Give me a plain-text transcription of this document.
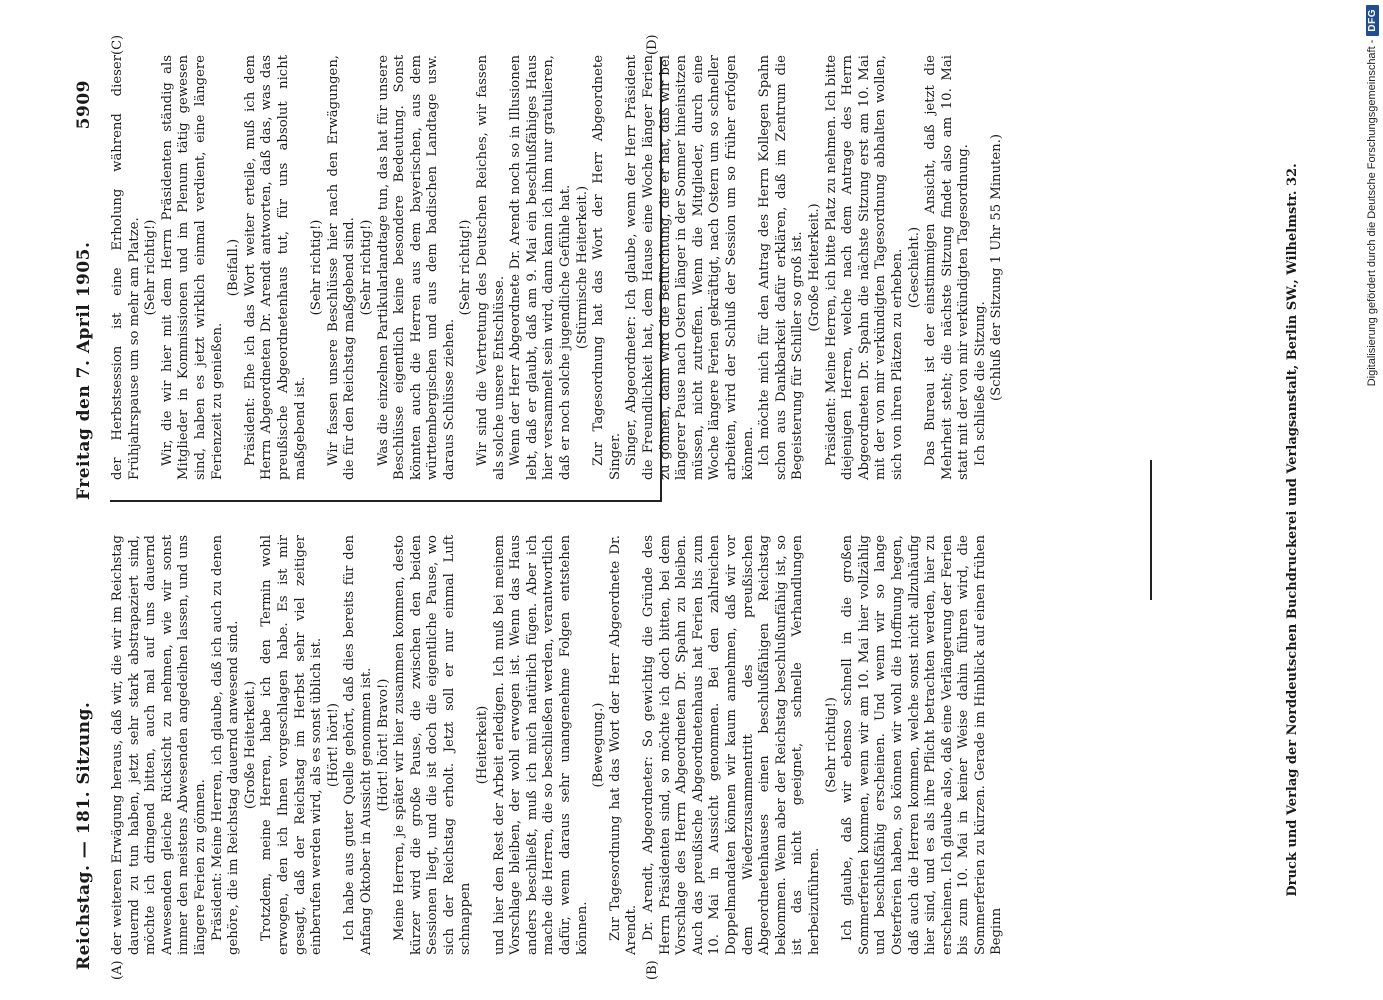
Reichstag. — 181. Sitzung.
Freitag den 7. April 1905.
5909
(A)	(B)
(C)	(D)

der weiteren Erwägung heraus, daß wir, die wir im Reichstag dauernd zu tun haben, jetzt sehr stark abstrapaziert sind, möchte ich dringend bitten, auch mal auf uns dauernd Anwesenden gleiche Rücksicht zu nehmen, wie wir sonst immer den meistens Abwesenden angedeihen lassen, und uns längere Ferien zu gönnen. Präsident: Meine Herren, ich glaube, daß ich auch zu denen gehöre, die im Reichstag dauernd anwesend sind. (Große Heiterkeit.) Trotzdem, meine Herren, habe ich den Termin wohl erwogen, den ich Ihnen vorgeschlagen habe. Es ist mir gesagt, daß der Reichstag im Herbst sehr viel zeitiger einberufen werden wird, als es sonst üblich ist. (Hört! hört!) Ich habe aus guter Quelle gehört, daß dies bereits für den Anfang Oktober in Aussicht genommen ist. (Hört! hört! Bravo!) Meine Herren, je später wir hier zusammen kommen, desto kürzer wird die große Pause, die zwischen den beiden Sessionen liegt, und die ist doch die eigentliche Pause, wo sich der Reichstag erholt. Jetzt soll er nur einmal Luft schnappen

(Heiterkeit) und hier den Rest der Arbeit erledigen. Ich muß bei meinem Vorschlage bleiben, der wohl erwogen ist. Wenn das Haus anders beschließt, muß ich mich natürlich fügen. Aber ich mache die Herren, die so beschließen werden, verantwortlich dafür, wenn daraus sehr unangenehme Folgen entstehen können.

(Bewegung.) Zur Tagesordnung hat das Wort der Herr Abgeordnete Dr. Arendt. Dr. Arendt, Abgeordneter: So gewichtig die Gründe des Herrn Präsidenten sind, so möchte ich doch bitten, bei dem Vorschlage des Herrn Abgeordneten Dr. Spahn zu bleiben. Auch das preußische Abgeordnetenhaus hat Ferien bis zum 10. Mai in Aussicht genommen. Bei den zahlreichen Doppelmandaten können wir kaum annehmen, daß wir vor dem Wiederzusammentritt des preußischen Abgeordnetenhauses einen beschlußfähigen Reichstag bekommen. Wenn aber der Reichstag beschlußunfähig ist, so ist das nicht geeignet, schnelle Verhandlungen herbeizuführen.

(Sehr richtig!) Ich glaube, daß wir ebenso schnell in die großen Sommerferien kommen, wenn wir am 10. Mai hier vollzählig und beschlußfähig erscheinen. Und wenn wir so lange Osterferien haben, so können wir wohl die Hoffnung hegen, daß auch die Herren kommen, welche sonst nicht allzuhäufig hier sind, und es als ihre Pflicht betrachten werden, hier zu erscheinen. Ich glaube also, daß eine Verlängerung der Ferien bis zum 10. Mai in keiner Weise dahin führen wird, die Sommerferien zu kürzen. Gerade im Hinblick auf einen frühen Beginn

der Herbstsession ist eine Erholung während dieser Frühjahrspause um so mehr am Platze. (Sehr richtig!) Wir, die wir hier mit dem Herrn Präsidenten ständig als Mitglieder in Kommissionen und im Plenum tätig gewesen sind, haben es jetzt wirklich einmal verdient, eine längere Ferienzeit zu genießen.

(Beifall.) Präsident: Ehe ich das Wort weiter erteile, muß ich dem Herrn Abgeordneten Dr. Arendt antworten, daß das, was das preußische Abgeordnetenhaus tut, für uns absolut nicht maßgebend ist.

(Sehr richtig!) Wir fassen unsere Beschlüsse hier nach den Erwägungen, die für den Reichstag maßgebend sind. (Sehr richtig!) Was die einzelnen Partikularlandtage tun, das hat für unsere Beschlüsse eigentlich keine besondere Bedeutung. Sonst könnten auch die Herren aus dem bayerischen, aus dem württembergischen und aus dem badischen Landtage usw. daraus Schlüsse ziehen.

(Sehr richtig!) Wir sind die Vertretung des Deutschen Reiches, wir fassen als solche unsere Entschlüsse. Wenn der Herr Abgeordnete Dr. Arendt noch so in Illusionen lebt, daß er glaubt, daß am 9. Mai ein beschlußfähiges Haus hier versammelt sein wird, dann kann ich ihm nur gratulieren, daß er noch solche jugendliche Gefühle hat. (Stürmische Heiterkeit.) Zur Tagesordnung hat das Wort der Herr Abgeordnete Singer. Singer, Abgeordneter: Ich glaube, wenn der Herr Präsident die Freundlichkeit hat, dem Hause eine Woche länger Ferien zu gönnen, dann wird die Befürchtung, die er hat, daß wir bei längerer Pause nach Ostern länger in der Sommer hineinsitzen müssen, nicht zutreffen. Wenn die Mitglieder, durch eine Woche längere Ferien gekräftigt, nach Ostern um so schneller arbeiten, wird der Schluß der Session um so früher erfolgen können. Ich möchte mich für den Antrag des Herrn Kollegen Spahn schon aus Dankbarkeit dafür erklären, daß im Zentrum die Begeisterung für Schiller so groß ist. (Große Heiterkeit.) Präsident: Meine Herren, ich bitte Platz zu nehmen. Ich bitte diejenigen Herren, welche nach dem Antrage des Herrn Abgeordneten Dr. Spahn die nächste Sitzung erst am 10. Mai mit der von mir verkündigten Tagesordnung abhalten wollen, sich von ihren Plätzen zu erheben. (Geschieht.) Das Bureau ist der einstimmigen Ansicht, daß jetzt die Mehrheit steht; die nächste Sitzung findet also am 10. Mai statt mit der von mir verkündigten Tagesordnung. Ich schließe die Sitzung. (Schluß der Sitzung 1 Uhr 55 Minuten.)	Druck und Verlag der Norddeutschen Buchdruckerei und Verlagsanstalt, Berlin SW., Wilhelmstr. 32.	Digitalisierung gefördert durch die Deutsche Forschungsgemeinschaft -
DFG
